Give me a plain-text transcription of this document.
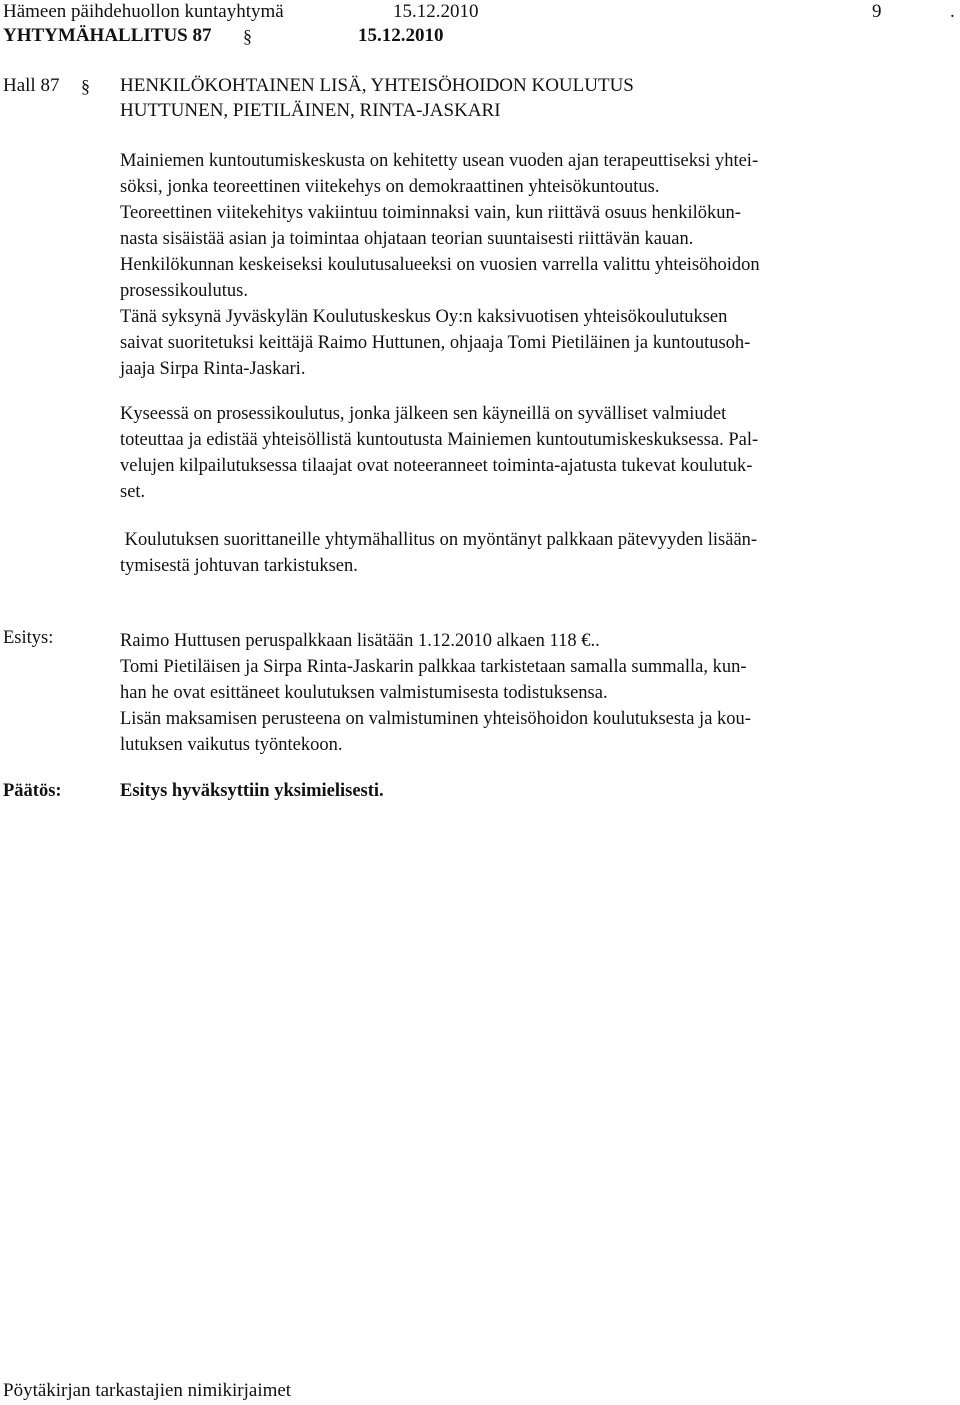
Hämeen päihdehuollon kuntayhtymä	15.12.2010	9	.
YHTYMÄHALLITUS 87 §	15.12.2010
Hall 87 § HENKILÖKOHTAINEN LISÄ, YHTEISÖHOIDON KOULUTUS
HUTTUNEN, PIETILÄINEN, RINTA-JASKARI
Mainiemen kuntoutumiskeskusta on kehitetty usean vuoden ajan terapeuttiseksi yhtei-
söksi, jonka teoreettinen viitekehys on demokraattinen yhteisökuntoutus.
Teoreettinen viitekehitys vakiintuu toiminnaksi vain, kun riittävä osuus henkilökun-
nasta sisäistää asian ja toimintaa ohjataan teorian suuntaisesti riittävän kauan.
Henkilökunnan keskeiseksi koulutusalueeksi on vuosien varrella valittu yhteisöhoidon
prosessikoulutus.
Tänä syksynä Jyväskylän Koulutuskeskus Oy:n kaksivuotisen yhteisökoulutuksen
saivat suoritetuksi keittäjä Raimo Huttunen, ohjaaja Tomi Pietiläinen ja kuntoutusoh-
jaaja Sirpa Rinta-Jaskari.
Kyseessä on prosessikoulutus, jonka jälkeen sen käyneillä on syvälliset valmiudet
toteuttaa ja edistää yhteisöllistä kuntoutusta Mainiemen kuntoutumiskeskuksessa. Pal-
velujen kilpailutuksessa tilaajat ovat noteeranneet toiminta-ajatusta tukevat koulutuk-
set.
Koulutuksen suorittaneille yhtymähallitus on myöntänyt palkkaan pätevyyden lisään-
tymisestä johtuvan tarkistuksen.
Esitys:	Raimo Huttusen peruspalkkaan lisätään 1.12.2010 alkaen 118 €..
Tomi Pietiläisen ja Sirpa Rinta-Jaskarin palkkaa tarkistetaan samalla summalla, kun-
han he ovat esittäneet koulutuksen valmistumisesta todistuksensa.
Lisän maksamisen perusteena on valmistuminen yhteisöhoidon koulutuksesta ja kou-
lutuksen vaikutus työntekoon.
Päätös:	Esitys hyväksyttiin yksimielisesti.
Pöytäkirjan tarkastajien nimikirjaimet
